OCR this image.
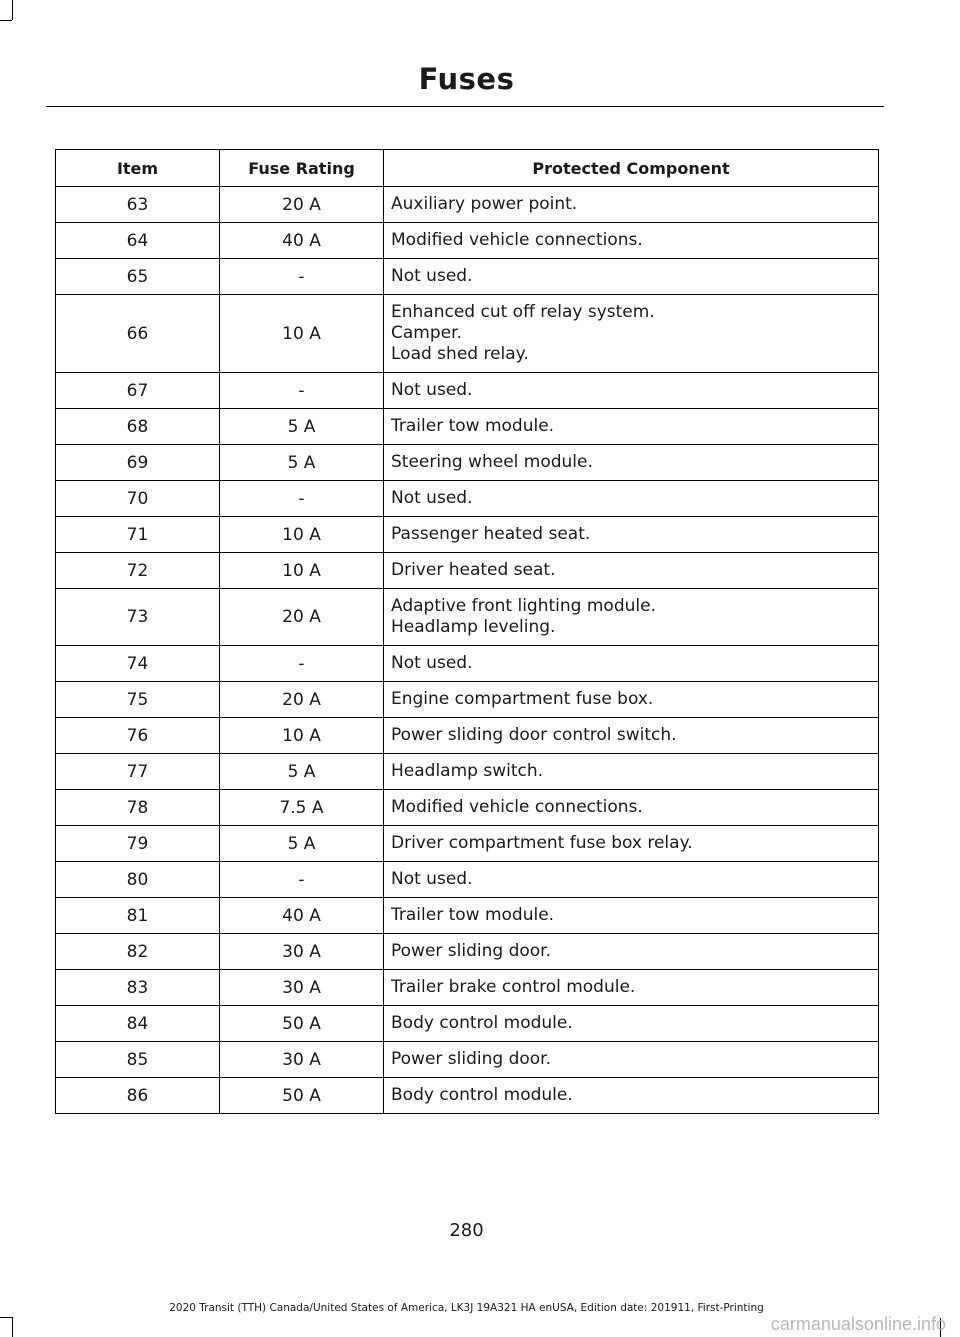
Fuses
Item	Fuse Rating	Protected Component
63	20 A	Auxiliary power point.

64	40 A	Modified vehicle connections.

65	-	Not used.

66	10 A	Enhanced cut off relay system.
Camper.
Load shed relay.

67	-	Not used.

68	5 A	Trailer tow module.

69	5 A	Steering wheel module.

70	-	Not used.

71	10 A	Passenger heated seat.

72	10 A	Driver heated seat.

73	20 A	Adaptive front lighting module.
Headlamp leveling.

74	-	Not used.

75	20 A	Engine compartment fuse box.

76	10 A	Power sliding door control switch.

77	5 A	Headlamp switch.

78	7.5 A	Modified vehicle connections.

79	5 A	Driver compartment fuse box relay.

80	-	Not used.

81	40 A	Trailer tow module.

82	30 A	Power sliding door.

83	30 A	Trailer brake control module.

84	50 A	Body control module.

85	30 A	Power sliding door.

86	50 A	Body control module.
280
2020 Transit (TTH) Canada/United States of America, LK3J 19A321 HA enUSA, Edition date: 201911, First-Printing
carmanualsonline.info
